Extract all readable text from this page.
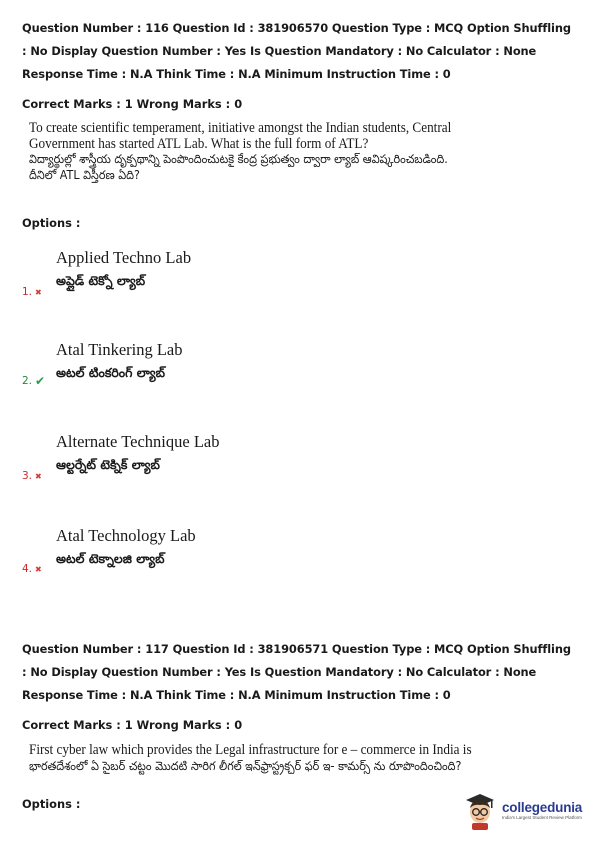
Question Number : 116 Question Id : 381906570 Question Type : MCQ Option Shuffling : No Display Question Number : Yes Is Question Mandatory : No Calculator : None Response Time : N.A Think Time : N.A Minimum Instruction Time : 0
Correct Marks : 1 Wrong Marks : 0
To create scientific temperament, initiative amongst the Indian students, Central
Government has started ATL Lab. What is the full form of ATL?
విద్యార్థుల్లో శాస్త్రీయ దృక్పథాన్ని పెంపొందించుటకై కేంద్ర ప్రభుత్వం ద్వారా ల్యాబ్ ఆవిష్కరించబడింది.
దీనిలో ATL విస్తీరణ ఏది?
Options :
Applied Techno Lab
1. ✖
అప్లైడ్ టెక్నో ల్యాబ్
Atal Tinkering Lab
2. ✔
అటల్ టింకరింగ్ ల్యాబ్
Alternate Technique Lab
3. ✖
ఆల్టర్నేట్ టెక్నిక్ ల్యాబ్
Atal Technology Lab
4. ✖
అటల్ టెక్నాలజి ల్యాబ్
Question Number : 117 Question Id : 381906571 Question Type : MCQ Option Shuffling : No Display Question Number : Yes Is Question Mandatory : No Calculator : None Response Time : N.A Think Time : N.A Minimum Instruction Time : 0
Correct Marks : 1 Wrong Marks : 0
First cyber law which provides the Legal infrastructure for e – commerce in India is
భారతదేశంలో ఏ సైబర్ చట్టం మొదటి సారిగ లీగల్ ఇన్‌ఫ్రాస్ట్రక్చర్ ఫర్ ఇ- కామర్స్ ను రూపొందించింది?
Options :	collegedunia
India's Largest Student Review Platform
